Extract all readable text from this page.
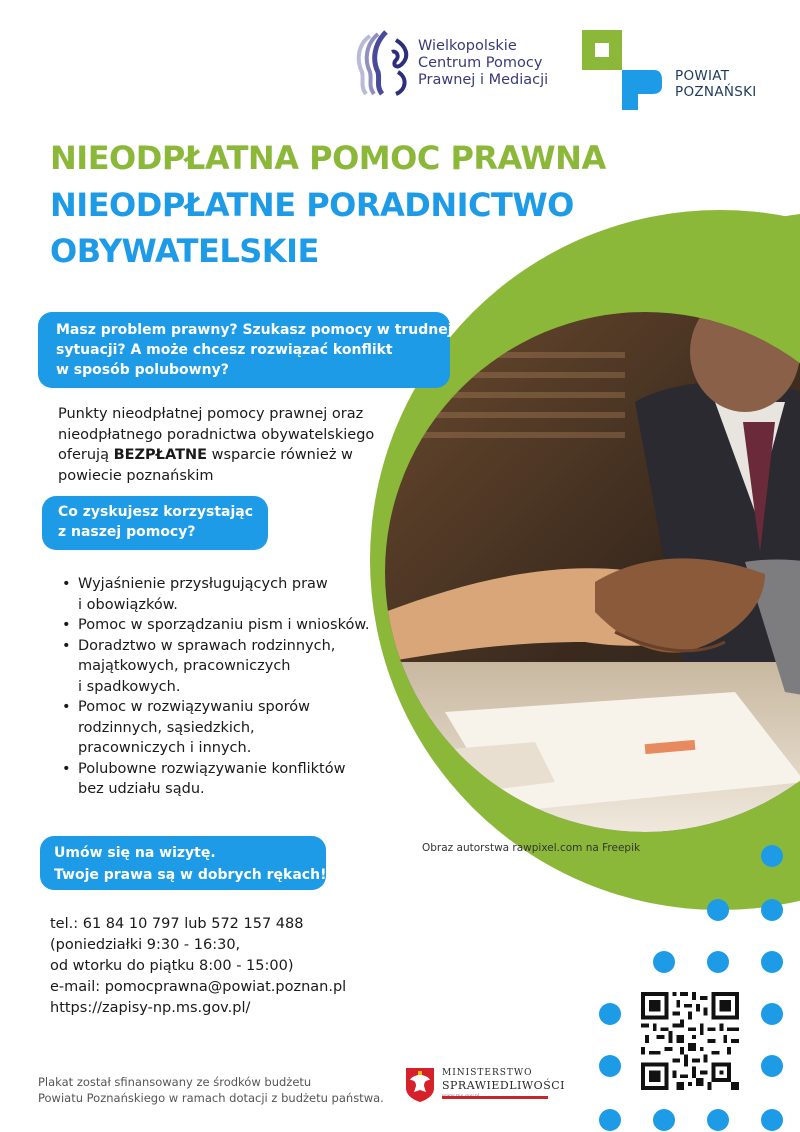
Wielkopolskie
Centrum Pomocy
Prawnej i Mediacji	POWIAT
POZNAŃSKI
NIEODPŁATNA POMOC PRAWNA
NIEODPŁATNE PORADNICTWO
OBYWATELSKIE
Masz problem prawny? Szukasz pomocy w trudnej
sytuacji? A może chcesz rozwiązać konflikt
w sposób polubowny?
Punkty nieodpłatnej pomocy prawnej oraz nieodpłatnego poradnictwa obywatelskiego oferują BEZPŁATNE wsparcie również w powiecie poznańskim
Co zyskujesz korzystając
z naszej pomocy?
• Wyjaśnienie przysługujących praw
i obowiązków.
• Pomoc w sporządzaniu pism i wniosków.
• Doradztwo w sprawach rodzinnych,
majątkowych, pracowniczych
i spadkowych.
• Pomoc w rozwiązywaniu sporów
rodzinnych, sąsiedzkich,
pracowniczych i innych.
• Polubowne rozwiązywanie konfliktów
bez udziału sądu.
Obraz autorstwa rawpixel.com na Freepik
Umów się na wizytę.
Twoje prawa są w dobrych rękach!
tel.: 61 84 10 797 lub 572 157 488
(poniedziałki 9:30 - 16:30,
od wtorku do piątku 8:00 - 15:00)
e-mail: pomocprawna@powiat.poznan.pl
https://zapisy-np.ms.gov.pl/
Plakat został sfinansowany ze środków budżetu
Powiatu Poznańskiego w ramach dotacji z budżetu państwa.
MINISTERSTWO
SPRAWIEDLIWOŚCI
